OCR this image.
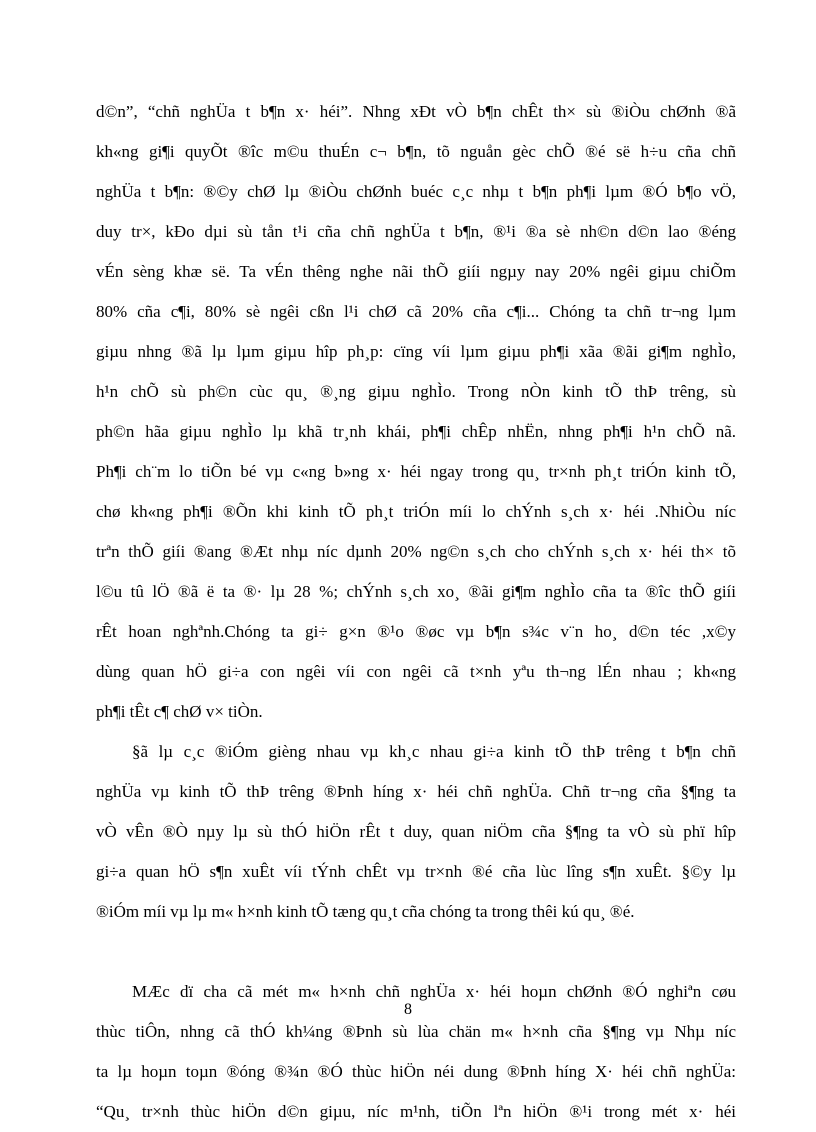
d©n”, “chñ nghÜa t b¶n x· héi”. Nhng xÐt vÒ b¶n chÊt th× sù ®iÒu chØnh ®ã
kh«ng gi¶i quyÕt ®îc m©u thuÉn c¬ b¶n, tõ nguån gèc chÕ ®é së h÷u cña chñ
nghÜa t b¶n: ®©y chØ lµ ®iÒu chØnh buéc c¸c nhµ t b¶n ph¶i lµm ®Ó b¶o vÖ,
duy tr×, kÐo dµi sù tån t¹i cña chñ nghÜa t b¶n, ®¹i ®a sè nh©n d©n lao ®éng
vÉn sèng khæ së. Ta vÉn thêng nghe nãi thÕ giíi ngµy nay 20% ngêi giµu chiÕm
80% cña c¶i, 80% sè ngêi cßn l¹i chØ cã 20% cña c¶i... Chóng ta chñ tr¬ng lµm
giµu nhng ®ã lµ lµm giµu hîp ph¸p: cïng víi lµm giµu ph¶i xãa ®ãi gi¶m nghÌo,
h¹n chÕ sù ph©n cùc qu¸ ®¸ng giµu nghÌo. Trong nÒn kinh tÕ thÞ trêng, sù
ph©n hãa giµu nghÌo lµ khã tr¸nh khái, ph¶i chÊp nhËn, nhng ph¶i h¹n chÕ nã.
Ph¶i ch¨m lo tiÕn bé vµ c«ng b»ng x· héi ngay trong qu¸ tr×nh ph¸t triÓn kinh tÕ,
chø kh«ng ph¶i ®Õn khi kinh tÕ ph¸t triÓn míi lo chÝnh s¸ch x· héi .NhiÒu níc
trªn thÕ giíi ®ang ®Æt nhµ níc dµnh 20% ng©n s¸ch cho chÝnh s¸ch x· héi th× tõ
l©u tû lÖ ®ã ë ta ®· lµ 28 %; chÝnh s¸ch xo¸ ®ãi gi¶m nghÌo cña ta ®îc thÕ giíi
rÊt hoan nghªnh.Chóng ta gi÷ g×n ®¹o ®øc vµ b¶n s¾c v¨n ho¸ d©n téc ,x©y
dùng quan hÖ gi÷a con ngêi víi con ngêi cã t×nh yªu th¬ng lÉn nhau ; kh«ng
ph¶i tÊt c¶ chØ v× tiÒn.
§ã lµ c¸c ®iÓm gièng nhau vµ kh¸c nhau gi÷a kinh tÕ thÞ trêng t b¶n chñ
nghÜa vµ kinh tÕ thÞ trêng ®Þnh híng x· héi chñ nghÜa. Chñ tr¬ng cña §¶ng ta
vÒ vÊn ®Ò nµy lµ sù thÓ hiÖn rÊt t duy, quan niÖm cña §¶ng ta vÒ sù phï hîp
gi÷a quan hÖ s¶n xuÊt víi tÝnh chÊt vµ tr×nh ®é cña lùc lîng s¶n xuÊt. §©y lµ
®iÓm míi vµ lµ m« h×nh kinh tÕ tæng qu¸t cña chóng ta trong thêi kú qu¸ ®é.
MÆc dï cha cã mét m« h×nh chñ nghÜa x· héi hoµn chØnh ®Ó nghiªn cøu
thùc tiÔn, nhng cã thÓ kh¼ng ®Þnh sù lùa chän m« h×nh cña §¶ng vµ Nhµ níc
ta lµ hoµn toµn ®óng ®¾n ®Ó thùc hiÖn néi dung ®Þnh híng X· héi chñ nghÜa:
“Qu¸ tr×nh thùc hiÖn d©n giµu, níc m¹nh, tiÕn lªn hiÖn ®¹i trong mét x· héi
8
